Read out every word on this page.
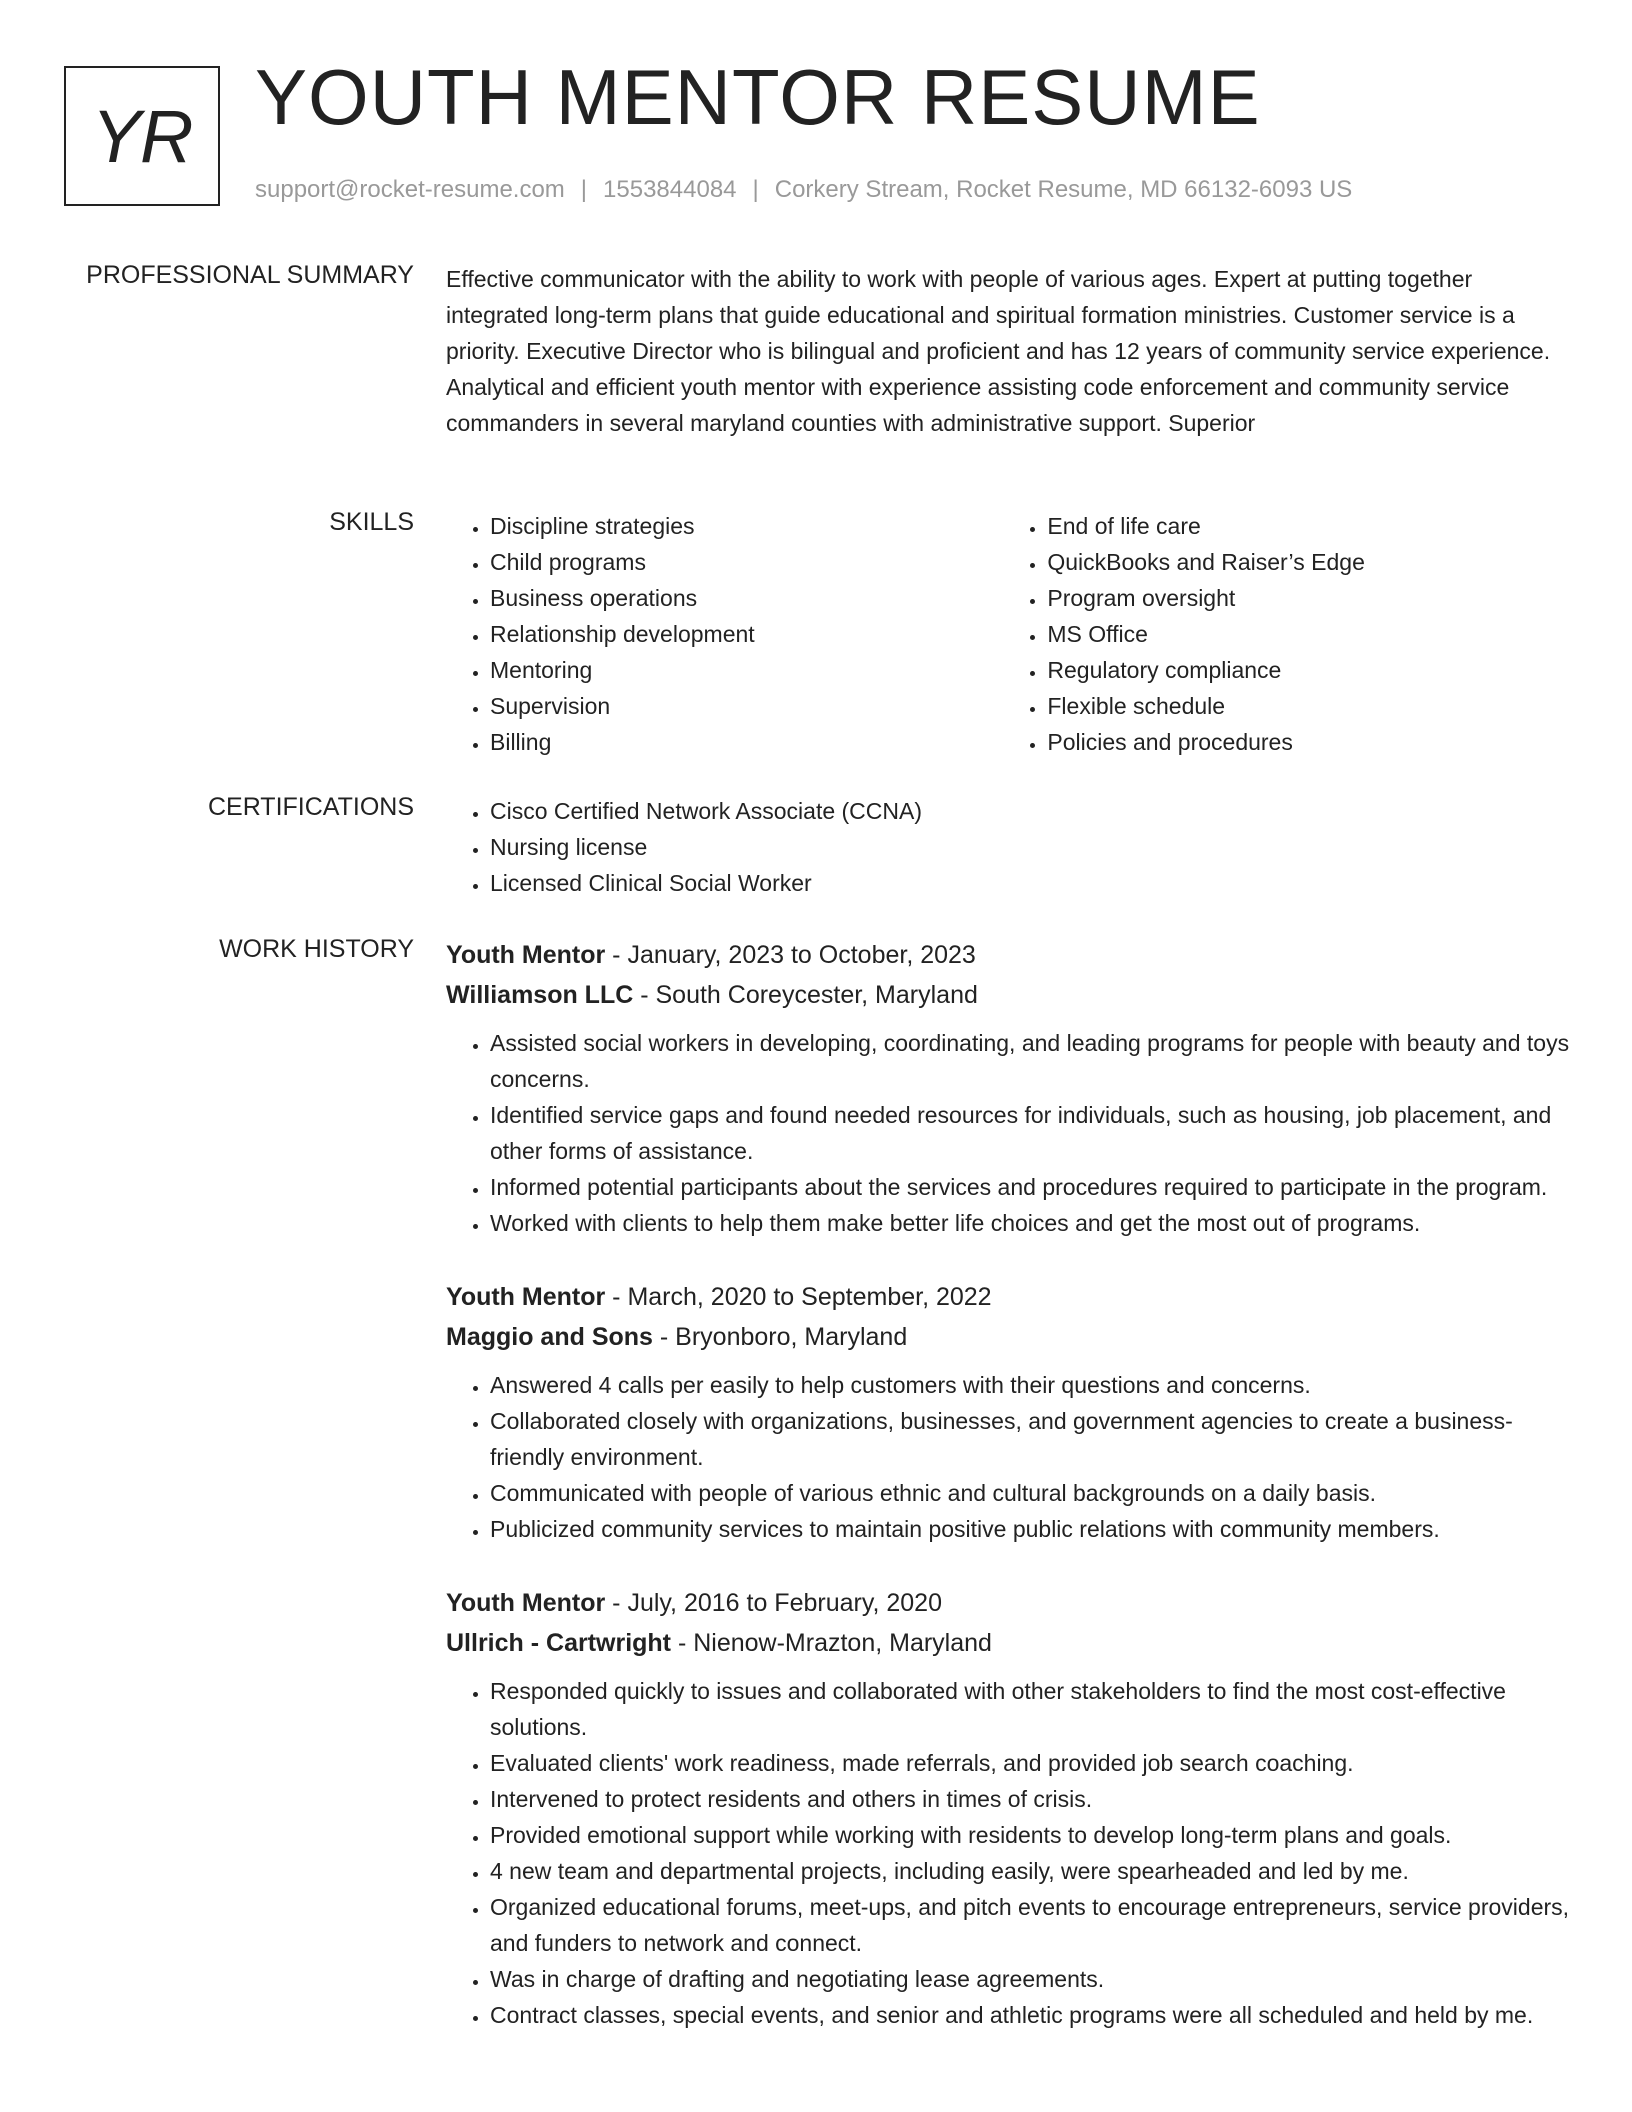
YR YOUTH MENTOR RESUME
support@rocket-resume.com | 1553844084 | Corkery Stream, Rocket Resume, MD 66132-6093 US
PROFESSIONAL SUMMARY Effective communicator with the ability to work with people of various ages. Expert at putting together integrated long-term plans that guide educational and spiritual formation ministries. Customer service is a priority. Executive Director who is bilingual and proficient and has 12 years of community service experience. Analytical and efficient youth mentor with experience assisting code enforcement and community service commanders in several maryland counties with administrative support. Superior
SKILLS	• Discipline strategies
• Child programs
• Business operations
• Relationship development
• Mentoring
• Supervision
• Billing
• End of life care
• QuickBooks and Raiser’s Edge
• Program oversight
• MS Office
• Regulatory compliance
• Flexible schedule
• Policies and procedures
CERTIFICATIONS	• Cisco Certified Network Associate (CCNA)
• Nursing license
• Licensed Clinical Social Worker
WORK HISTORY Youth Mentor - January, 2023 to October, 2023
Williamson LLC - South Coreycester, Maryland
• Assisted social workers in developing, coordinating, and leading programs for people with beauty and toys concerns.
• Identified service gaps and found needed resources for individuals, such as housing, job placement, and other forms of assistance.
• Informed potential participants about the services and procedures required to participate in the program.
• Worked with clients to help them make better life choices and get the most out of programs.
Youth Mentor - March, 2020 to September, 2022
Maggio and Sons - Bryonboro, Maryland
• Answered 4 calls per easily to help customers with their questions and concerns.
• Collaborated closely with organizations, businesses, and government agencies to create a business-friendly environment.
• Communicated with people of various ethnic and cultural backgrounds on a daily basis.
• Publicized community services to maintain positive public relations with community members.
Youth Mentor - July, 2016 to February, 2020
Ullrich - Cartwright - Nienow-Mrazton, Maryland
• Responded quickly to issues and collaborated with other stakeholders to find the most cost-effective solutions.
• Evaluated clients' work readiness, made referrals, and provided job search coaching.
• Intervened to protect residents and others in times of crisis.
• Provided emotional support while working with residents to develop long-term plans and goals.
• 4 new team and departmental projects, including easily, were spearheaded and led by me.
• Organized educational forums, meet-ups, and pitch events to encourage entrepreneurs, service providers, and funders to network and connect.
• Was in charge of drafting and negotiating lease agreements.
• Contract classes, special events, and senior and athletic programs were all scheduled and held by me.
